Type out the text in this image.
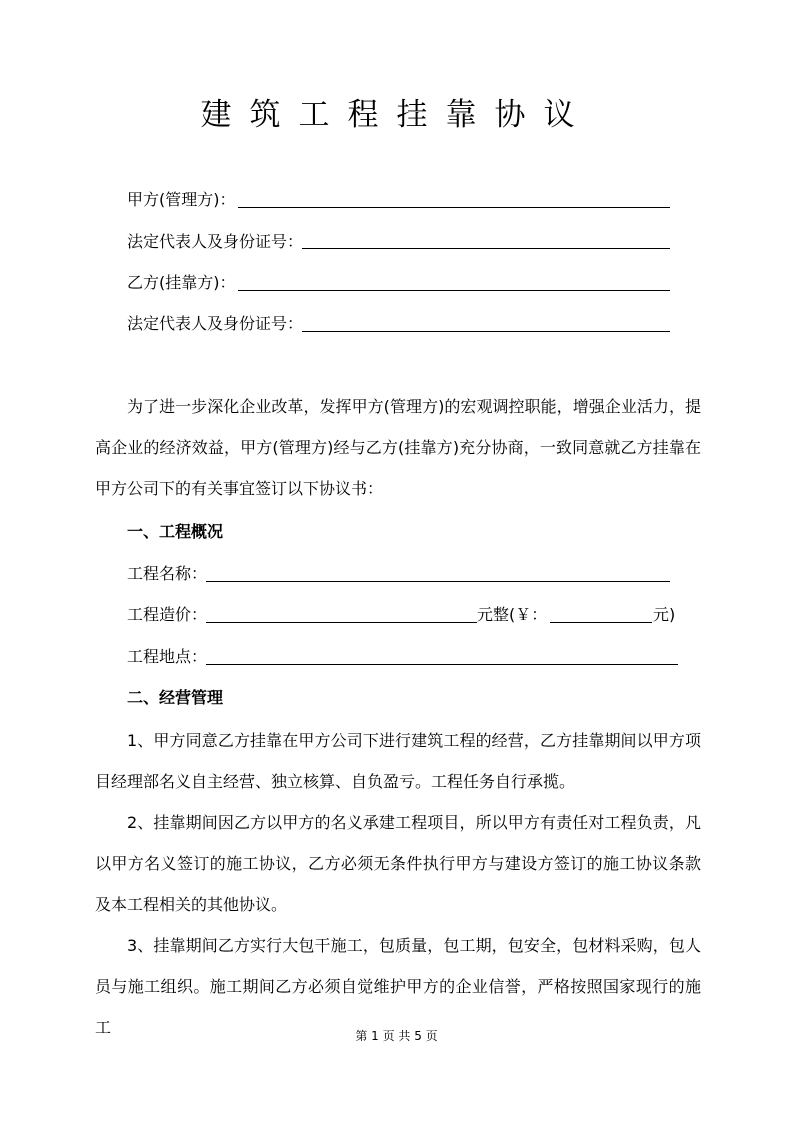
建筑工程挂靠协议
甲方(管理方)：
法定代表人及身份证号：
乙方(挂靠方)：
法定代表人及身份证号：
为了进一步深化企业改革，发挥甲方(管理方)的宏观调控职能，增强企业活力，提高企业的经济效益，甲方(管理方)经与乙方(挂靠方)充分协商，一致同意就乙方挂靠在甲方公司下的有关事宜签订以下协议书：
一、工程概况
工程名称：
工程造价：	元整(￥：	元)
工程地点：
二、经营管理
1、甲方同意乙方挂靠在甲方公司下进行建筑工程的经营，乙方挂靠期间以甲方项目经理部名义自主经营、独立核算、自负盈亏。工程任务自行承揽。
2、挂靠期间因乙方以甲方的名义承建工程项目，所以甲方有责任对工程负责，凡以甲方名义签订的施工协议，乙方必须无条件执行甲方与建设方签订的施工协议条款及本工程相关的其他协议。
3、挂靠期间乙方实行大包干施工，包质量，包工期，包安全，包材料采购，包人员与施工组织。施工期间乙方必须自觉维护甲方的企业信誉，严格按照国家现行的施工	第 1 页 共 5 页
